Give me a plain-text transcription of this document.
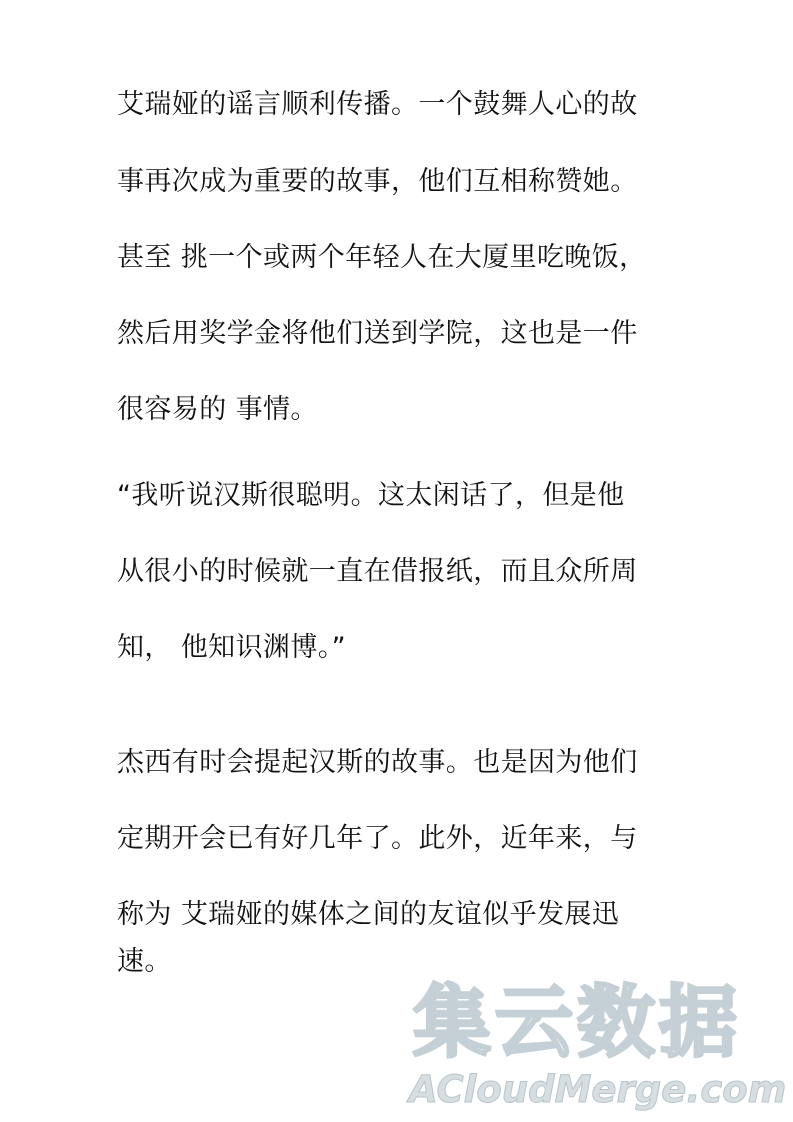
艾瑞娅的谣言顺利传播。一个鼓舞人心的故
事再次成为重要的故事，他们互相称赞她。
甚至 挑一个或两个年轻人在大厦里吃晚饭，
然后用奖学金将他们送到学院，这也是一件
很容易的 事情。
“我听说汉斯很聪明。这太闲话了，但是他
从很小的时候就一直在借报纸，而且众所周
知， 他知识渊博。”
杰西有时会提起汉斯的故事。也是因为他们
定期开会已有好几年了。此外，近年来，与
称为 艾瑞娅的媒体之间的友谊似乎发展迅
速。
集云数据
ACloudMerge.com
